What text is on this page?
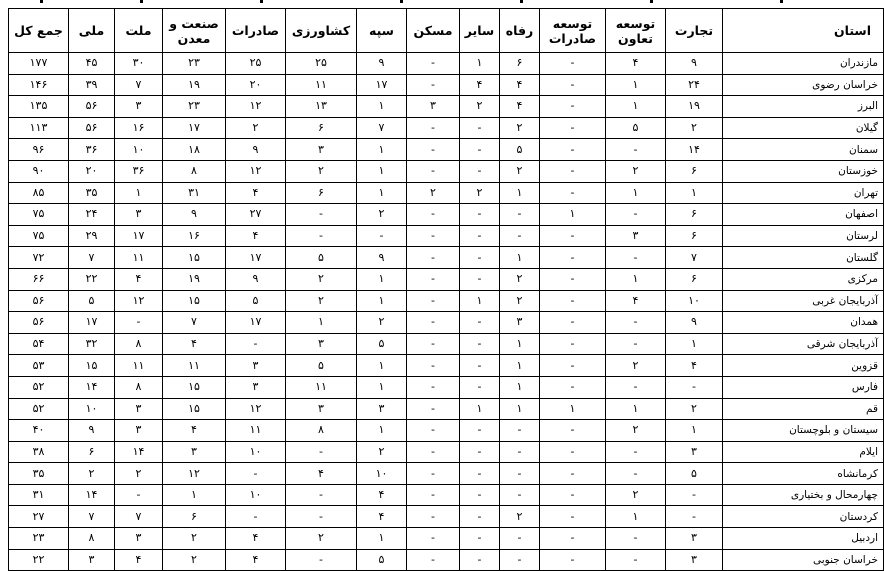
استان	تجارت	توسعه تعاون	توسعه صادرات	رفاه	سایر	مسکن	سپه	کشاورزی	صادرات	صنعت و معدن	ملت	ملی	جمع کل
مازندران	۹	۴	-	۶	۱	-	۹	۲۵	۲۵	۲۳	۳۰	۴۵	۱۷۷
خراسان رضوی	۲۴	۱	-	۴	۴	-	۱۷	۱۱	۲۰	۱۹	۷	۳۹	۱۴۶
البرز	۱۹	۱	-	۴	۲	۳	۱	۱۳	۱۲	۲۳	۳	۵۶	۱۳۵
گیلان	۲	۵	-	۲	-	-	۷	۶	۲	۱۷	۱۶	۵۶	۱۱۳
سمنان	۱۴	-	-	۵	-	-	۱	۳	۹	۱۸	۱۰	۳۶	۹۶
خوزستان	۶	۲	-	۲	-	-	۱	۲	۱۲	۸	۳۶	۲۰	۹۰
تهران	۱	۱	-	۱	۲	۲	۱	۶	۴	۳۱	۱	۳۵	۸۵
اصفهان	۶	-	۱	-	-	-	۲	-	۲۷	۹	۳	۲۴	۷۵
لرستان	۶	۳	-	-	-	-	-	-	۴	۱۶	۱۷	۲۹	۷۵
گلستان	۷	-	-	۱	-	-	۹	۵	۱۷	۱۵	۱۱	۷	۷۲
مرکزی	۶	۱	-	۲	-	-	۱	۲	۹	۱۹	۴	۲۲	۶۶
آذربایجان غربی	۱۰	۴	-	۲	۱	-	۱	۲	۵	۱۵	۱۲	۵	۵۶
همدان	۹	-	-	۳	-	-	۲	۱	۱۷	۷	-	۱۷	۵۶
آذربایجان شرقی	۱	-	-	۱	-	-	۵	۳	-	۴	۸	۳۲	۵۴
قزوین	۴	۲	-	۱	-	-	۱	۵	۳	۱۱	۱۱	۱۵	۵۳
فارس	-	-	-	۱	-	-	۱	۱۱	۳	۱۵	۸	۱۴	۵۲
قم	۲	۱	۱	۱	۱	-	۳	۳	۱۲	۱۵	۳	۱۰	۵۲
سیستان و بلوچستان	۱	۲	-	-	-	-	۱	۸	۱۱	۴	۳	۹	۴۰
ایلام	۳	-	-	-	-	-	۲	-	۱۰	۳	۱۴	۶	۳۸
کرمانشاه	۵	-	-	-	-	-	۱۰	۴	-	۱۲	۲	۲	۳۵
چهارمحال و بختیاری	-	۲	-	-	-	-	۴	-	۱۰	۱	-	۱۴	۳۱
کردستان	-	۱	-	۲	-	-	۴	-	-	۶	۷	۷	۲۷
اردبیل	۳	-	-	-	-	-	۱	۲	۴	۲	۳	۸	۲۳
خراسان جنوبی	۳	-	-	-	-	-	۵	-	۴	۲	۴	۳	۲۲
